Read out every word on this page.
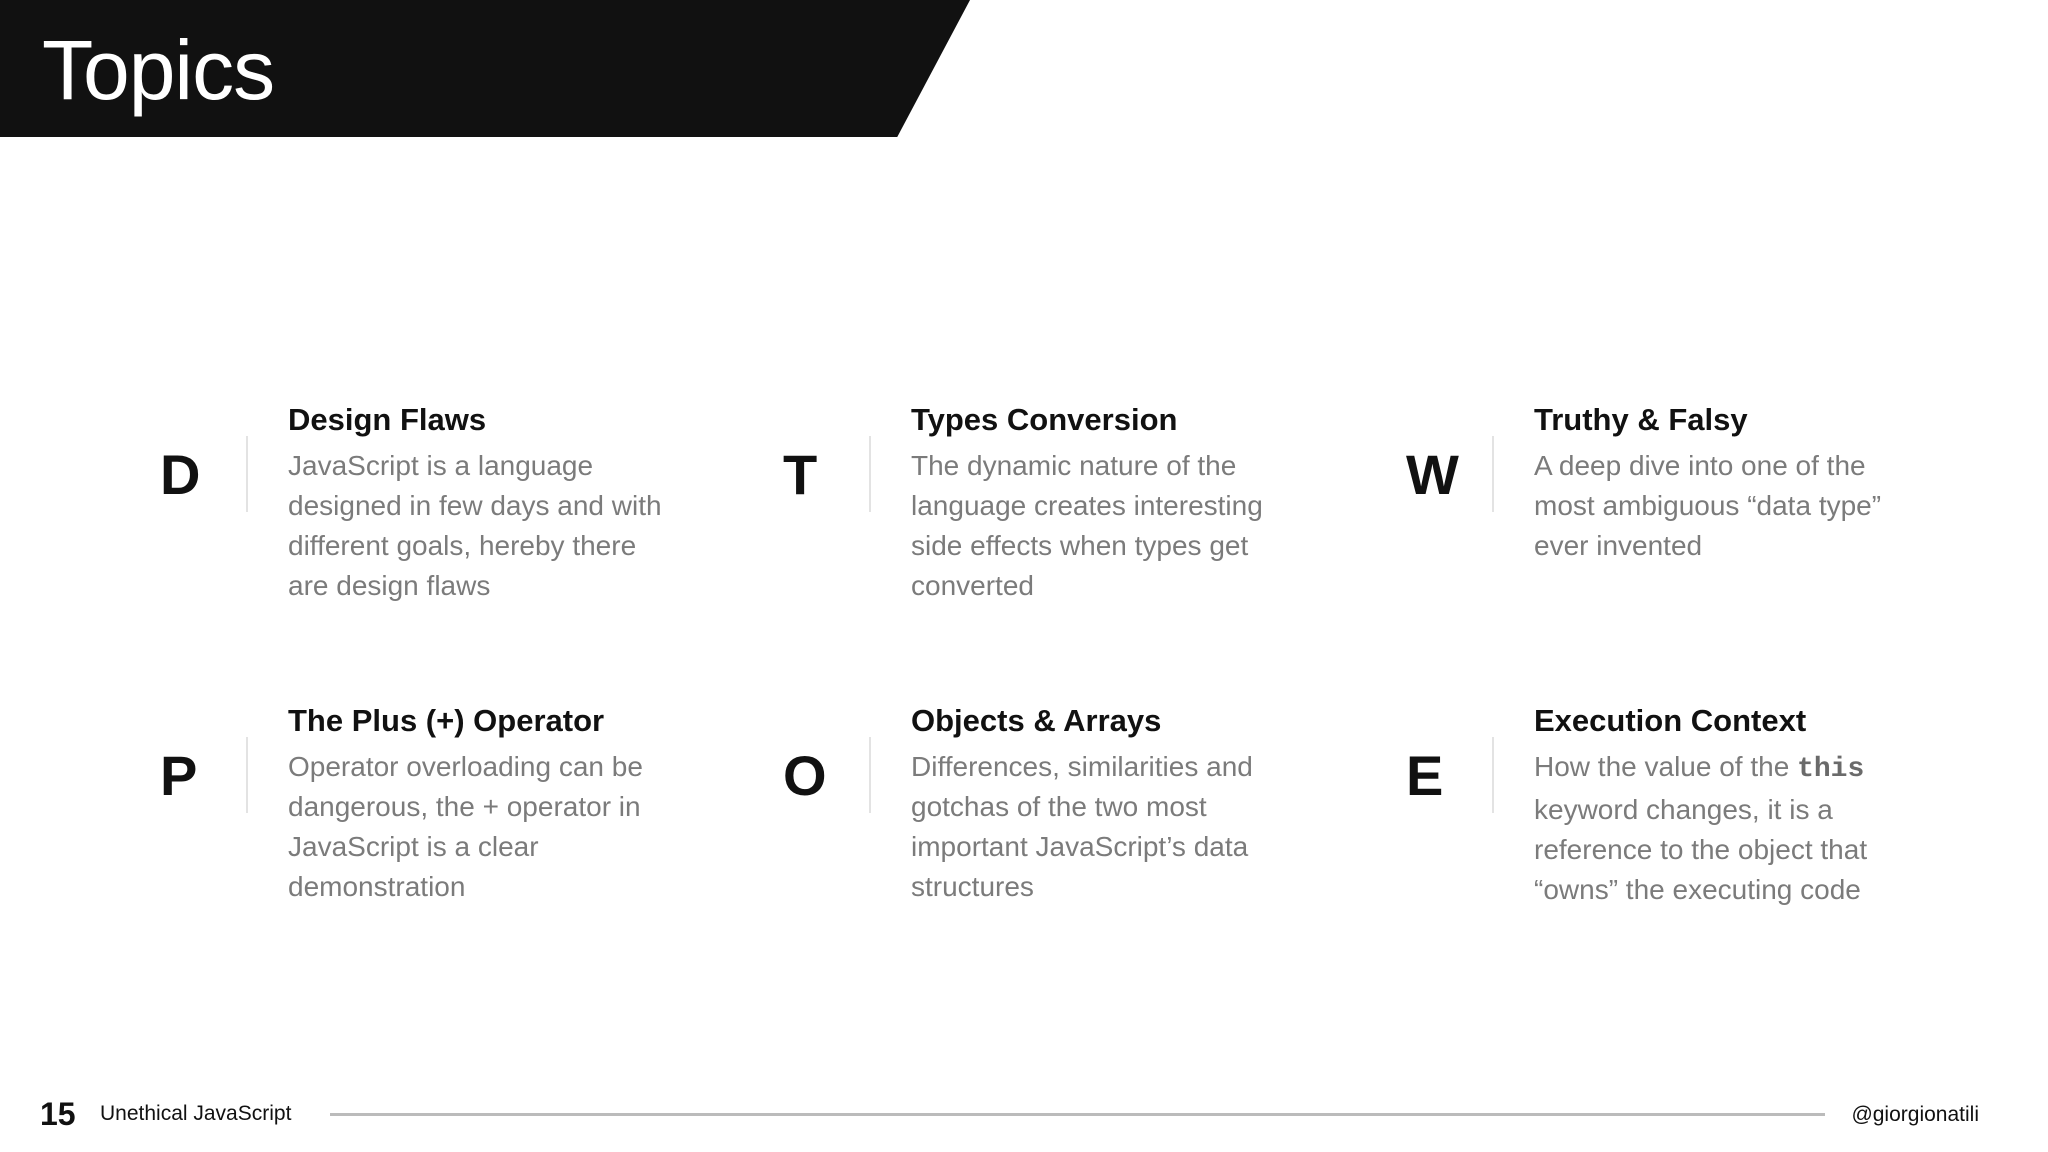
Topics
D
Design Flaws

JavaScript is a language designed in few days and with different goals, hereby there are design flaws

T
Types Conversion

The dynamic nature of the language creates interesting side effects when types get converted

W
Truthy & Falsy

A deep dive into one of the most ambiguous “data type” ever invented

P
The Plus (+) Operator

Operator overloading can be dangerous, the + operator in JavaScript is a clear demonstration

O
Objects & Arrays

Differences, similarities and gotchas of the two most important JavaScript’s data structures

E
Execution Context

How the value of the this keyword changes, it is a reference to the object that “owns” the executing code

15 Unethical JavaScript	@giorgionatili
